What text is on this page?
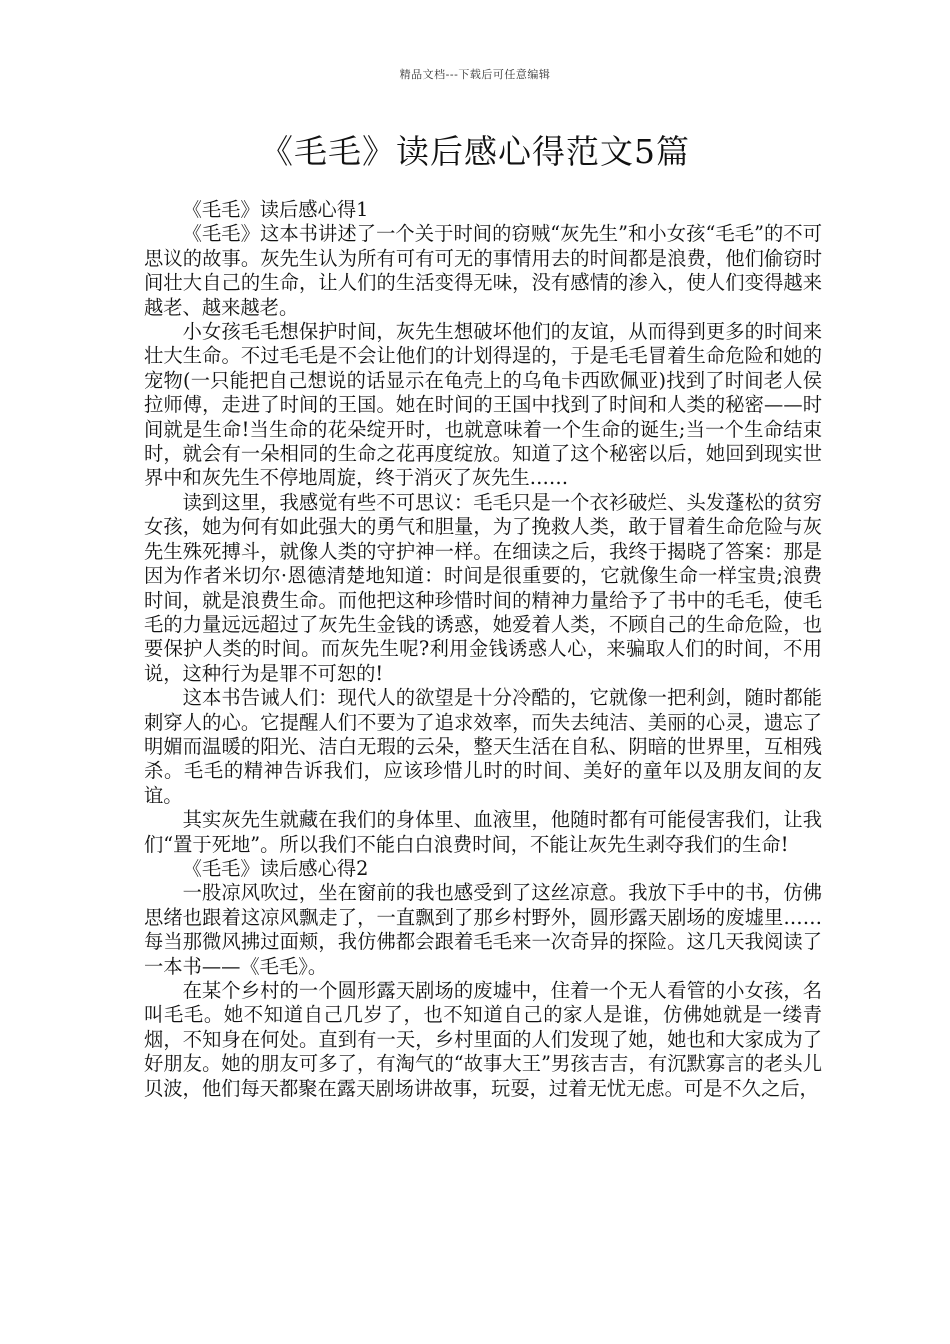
精品文档---下载后可任意编辑
《毛毛》读后感心得范文5篇

《毛毛》读后感心得1

《毛毛》这本书讲述了一个关于时间的窃贼“灰先生”和小女孩“毛毛”的不可思议的故事。灰先生认为所有可有可无的事情用去的时间都是浪费，他们偷窃时间壮大自己的生命，让人们的生活变得无味，没有感情的渗入，使人们变得越来越老、越来越老。

小女孩毛毛想保护时间，灰先生想破坏他们的友谊，从而得到更多的时间来壮大生命。不过毛毛是不会让他们的计划得逞的，于是毛毛冒着生命危险和她的宠物(一只能把自己想说的话显示在龟壳上的乌龟卡西欧佩亚)找到了时间老人侯拉师傅，走进了时间的王国。她在时间的王国中找到了时间和人类的秘密——时间就是生命!当生命的花朵绽开时，也就意味着一个生命的诞生;当一个生命结束时，就会有一朵相同的生命之花再度绽放。知道了这个秘密以后，她回到现实世界中和灰先生不停地周旋，终于消灭了灰先生……

读到这里，我感觉有些不可思议：毛毛只是一个衣衫破烂、头发蓬松的贫穷女孩，她为何有如此强大的勇气和胆量，为了挽救人类，敢于冒着生命危险与灰先生殊死搏斗，就像人类的守护神一样。在细读之后，我终于揭晓了答案：那是因为作者米切尔·恩德清楚地知道：时间是很重要的，它就像生命一样宝贵;浪费时间，就是浪费生命。而他把这种珍惜时间的精神力量给予了书中的毛毛，使毛毛的力量远远超过了灰先生金钱的诱惑，她爱着人类，不顾自己的生命危险，也要保护人类的时间。而灰先生呢?利用金钱诱惑人心，来骗取人们的时间，不用说，这种行为是罪不可恕的!

这本书告诫人们：现代人的欲望是十分冷酷的，它就像一把利剑，随时都能刺穿人的心。它提醒人们不要为了追求效率，而失去纯洁、美丽的心灵，遗忘了明媚而温暖的阳光、洁白无瑕的云朵，整天生活在自私、阴暗的世界里，互相残杀。毛毛的精神告诉我们，应该珍惜儿时的时间、美好的童年以及朋友间的友谊。

其实灰先生就藏在我们的身体里、血液里，他随时都有可能侵害我们，让我们“置于死地”。所以我们不能白白浪费时间，不能让灰先生剥夺我们的生命!

《毛毛》读后感心得2

一股凉风吹过，坐在窗前的我也感受到了这丝凉意。我放下手中的书，仿佛思绪也跟着这凉风飘走了，一直飘到了那乡村野外，圆形露天剧场的废墟里……每当那微风拂过面颊，我仿佛都会跟着毛毛来一次奇异的探险。这几天我阅读了一本书——《毛毛》。

在某个乡村的一个圆形露天剧场的废墟中，住着一个无人看管的小女孩，名叫毛毛。她不知道自己几岁了，也不知道自己的家人是谁，仿佛她就是一缕青烟，不知身在何处。直到有一天，乡村里面的人们发现了她，她也和大家成为了好朋友。她的朋友可多了，有淘气的“故事大王”男孩吉吉，有沉默寡言的老头儿贝波，他们每天都聚在露天剧场讲故事，玩耍，过着无忧无虑。可是不久之后，
